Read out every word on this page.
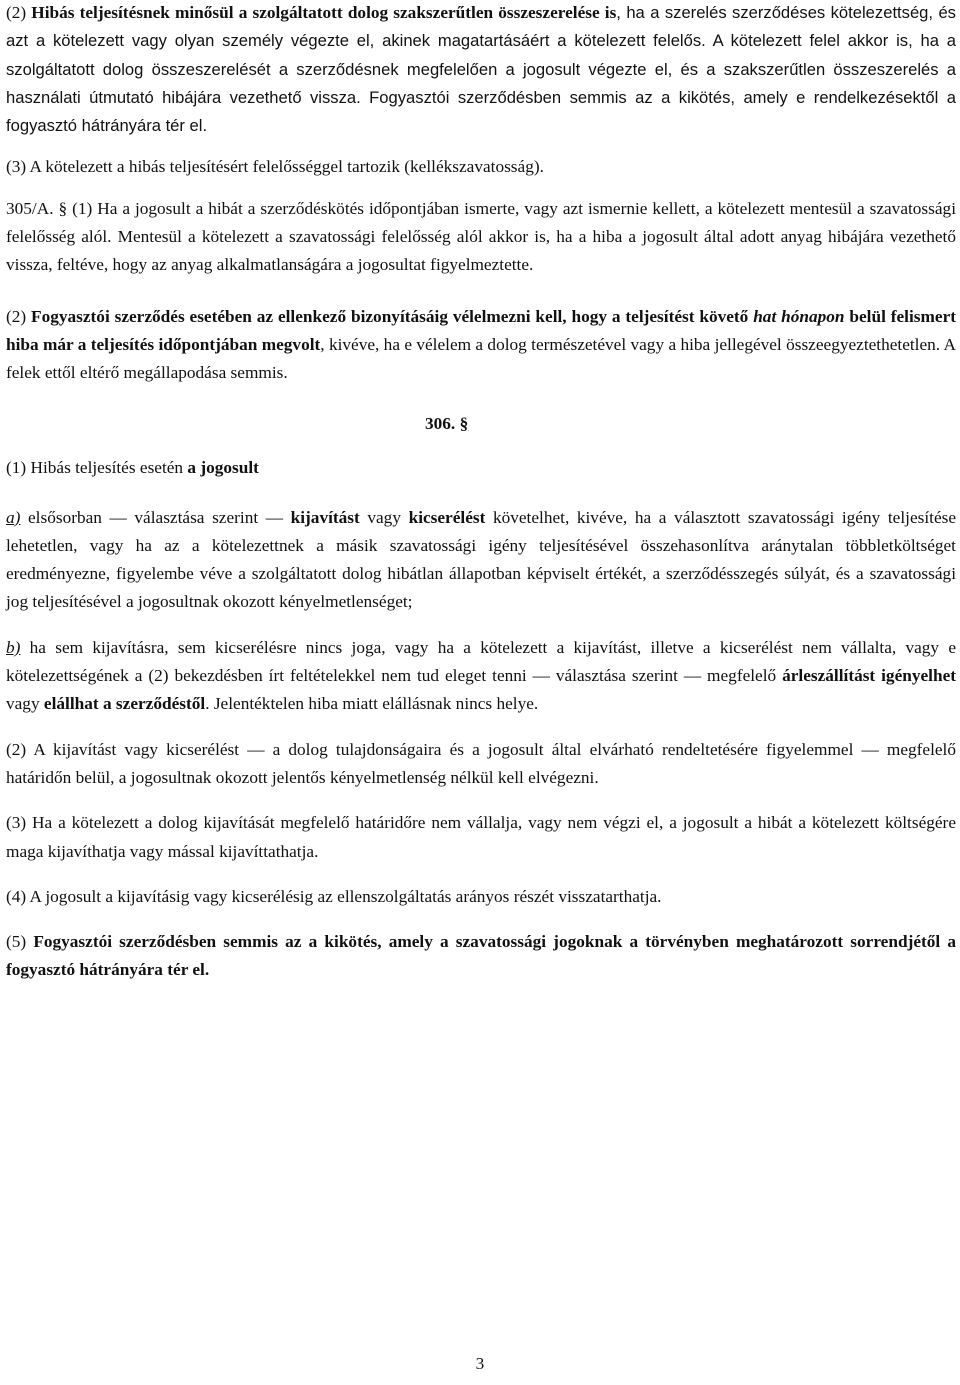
(2) Hibás teljesítésnek minősül a szolgáltatott dolog szakszerűtlen összeszerelése is, ha a szerelés szerződéses kötelezettség, és azt a kötelezett vagy olyan személy végezte el, akinek magatartásáért a kötelezett felelős. A kötelezett felel akkor is, ha a szolgáltatott dolog összeszerelését a szerződésnek megfelelően a jogosult végezte el, és a szakszerűtlen összeszerelés a használati útmutató hibájára vezethető vissza. Fogyasztói szerződésben semmis az a kikötés, amely e rendelkezésektől a fogyasztó hátrányára tér el.

(3) A kötelezett a hibás teljesítésért felelősséggel tartozik (kellékszavatosság).

305/A. § (1) Ha a jogosult a hibát a szerződéskötés időpontjában ismerte, vagy azt ismernie kellett, a kötelezett mentesül a szavatossági felelősség alól. Mentesül a kötelezett a szavatossági felelősség alól akkor is, ha a hiba a jogosult által adott anyag hibájára vezethető vissza, feltéve, hogy az anyag alkalmatlanságára a jogosultat figyelmeztette.

(2) Fogyasztói szerződés esetében az ellenkező bizonyításáig vélelmezni kell, hogy a teljesítést követő hat hónapon belül felismert hiba már a teljesítés időpontjában megvolt, kivéve, ha e vélelem a dolog természetével vagy a hiba jellegével összeegyeztethetetlen. A felek ettől eltérő megállapodása semmis.

306. §
(1) Hibás teljesítés esetén a jogosult

a) elsősorban — választása szerint — kijavítást vagy kicserélést követelhet, kivéve, ha a választott szavatossági igény teljesítése lehetetlen, vagy ha az a kötelezettnek a másik szavatossági igény teljesítésével összehasonlítva aránytalan többletköltséget eredményezne, figyelembe véve a szolgáltatott dolog hibátlan állapotban képviselt értékét, a szerződésszegés súlyát, és a szavatossági jog teljesítésével a jogosultnak okozott kényelmetlenséget;

b) ha sem kijavításra, sem kicserélésre nincs joga, vagy ha a kötelezett a kijavítást, illetve a kicserélést nem vállalta, vagy e kötelezettségének a (2) bekezdésben írt feltételekkel nem tud eleget tenni — választása szerint — megfelelő árleszállítást igényelhet vagy elállhat a szerződéstől. Jelentéktelen hiba miatt elállásnak nincs helye.

(2) A kijavítást vagy kicserélést — a dolog tulajdonságaira és a jogosult által elvárható rendeltetésére figyelemmel — megfelelő határidőn belül, a jogosultnak okozott jelentős kényelmetlenség nélkül kell elvégezni.

(3) Ha a kötelezett a dolog kijavítását megfelelő határidőre nem vállalja, vagy nem végzi el, a jogosult a hibát a kötelezett költségére maga kijavíthatja vagy mással kijavíttathatja.

(4) A jogosult a kijavításig vagy kicserélésig az ellenszolgáltatás arányos részét visszatarthatja.

(5) Fogyasztói szerződésben semmis az a kikötés, amely a szavatossági jogoknak a törvényben meghatározott sorrendjétől a fogyasztó hátrányára tér el.

3
